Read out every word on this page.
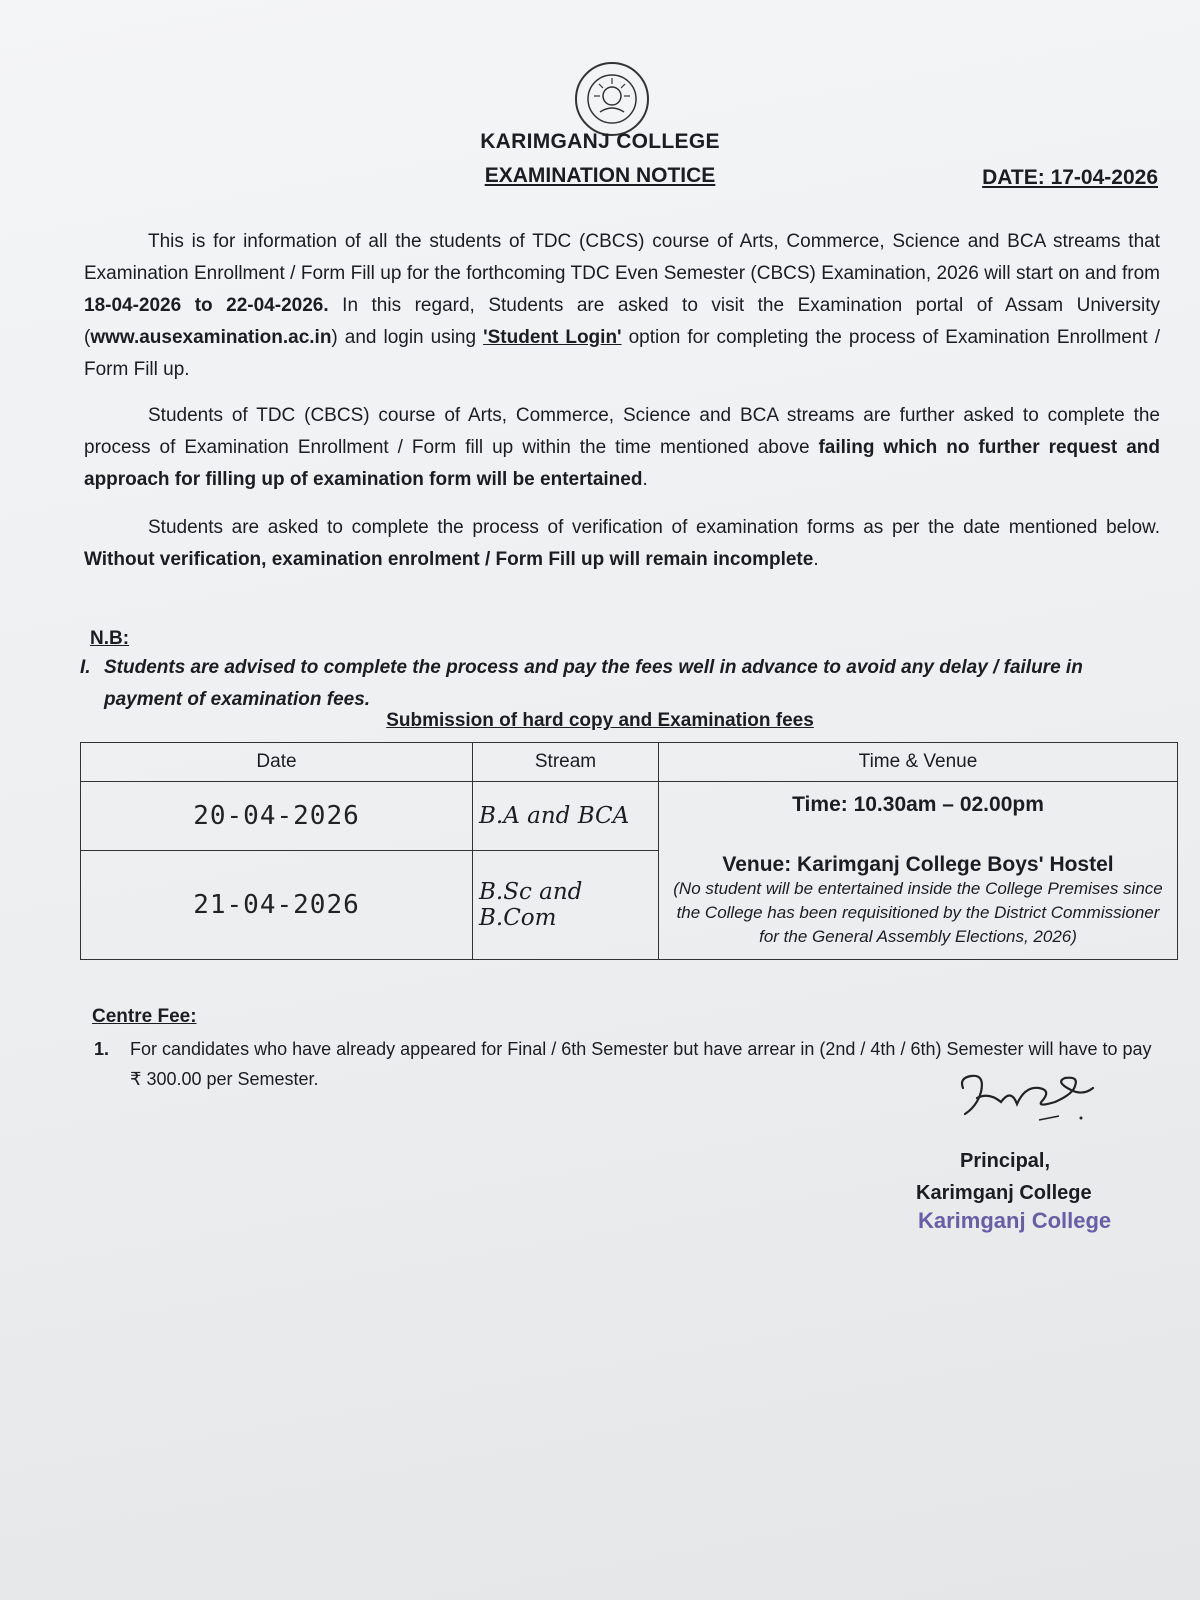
KARIMGANJ COLLEGE
EXAMINATION NOTICE	DATE: 17-04-2026
This is for information of all the students of TDC (CBCS) course of Arts, Commerce, Science and BCA streams that Examination Enrollment / Form Fill up for the forthcoming TDC Even Semester (CBCS) Examination, 2026 will start on and from 18-04-2026 to 22-04-2026. In this regard, Students are asked to visit the Examination portal of Assam University (www.ausexamination.ac.in) and login using 'Student Login' option for completing the process of Examination Enrollment / Form Fill up.
Students of TDC (CBCS) course of Arts, Commerce, Science and BCA streams are further asked to complete the process of Examination Enrollment / Form fill up within the time mentioned above failing which no further request and approach for filling up of examination form will be entertained.
Students are asked to complete the process of verification of examination forms as per the date mentioned below. Without verification, examination enrolment / Form Fill up will remain incomplete.
N.B:
I. Students are advised to complete the process and pay the fees well in advance to avoid any delay / failure in
payment of examination fees.
Submission of hard copy and Examination fees
Date	Stream	Time & Venue
20-04-2026	B.A and BCA	Time: 10.30am – 02.00pm
Venue: Karimganj College Boys' Hostel
(No student will be entertained inside the College Premises since the College has been requisitioned by the District Commissioner for the General Assembly Elections, 2026)

21-04-2026	B.Sc and B.Com	
Centre Fee:
1. For candidates who have already appeared for Final / 6th Semester but have arrear in (2nd / 4th / 6th) Semester will have to pay
₹ 300.00 per Semester.
Principal,
Karimganj College
Karimganj College
